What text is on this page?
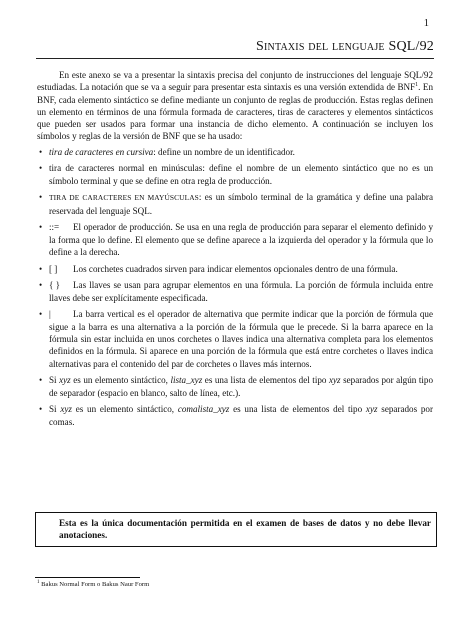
1
Sintaxis del lenguaje SQL/92

En este anexo se va a presentar la sintaxis precisa del conjunto de instrucciones del lenguaje SQL/92 estudiadas. La notación que se va a seguir para presentar esta sintaxis es una versión extendida de BNF$^1$. En BNF, cada elemento sintáctico se define mediante un conjunto de reglas de producción. Estas reglas definen un elemento en términos de una fórmula formada de caracteres, tiras de caracteres y elementos sintácticos que pueden ser usados para formar una instancia de dicho elemento. A continuación se incluyen los símbolos y reglas de la versión de BNF que se ha usado:

• tira de caracteres en cursiva: define un nombre de un identificador.
• tira de caracteres normal en minúsculas: define el nombre de un elemento sintáctico que no es un símbolo terminal y que se define en otra regla de producción.
• TIRA DE CARACTERES EN MAYÚSCULAS: es un símbolo terminal de la gramática y define una palabra reservada del lenguaje SQL.
• ::= El operador de producción. Se usa en una regla de producción para separar el elemento definido y la forma que lo define. El elemento que se define aparece a la izquierda del operador y la fórmula que lo define a la derecha.
• [ ] Los corchetes cuadrados sirven para indicar elementos opcionales dentro de una fórmula.
• { } Las llaves se usan para agrupar elementos en una fórmula. La porción de fórmula incluida entre llaves debe ser explícitamente especificada.
• | La barra vertical es el operador de alternativa que permite indicar que la porción de fórmula que sigue a la barra es una alternativa a la porción de la fórmula que le precede. Si la barra aparece en la fórmula sin estar incluida en unos corchetes o llaves indica una alternativa completa para los elementos definidos en la fórmula. Si aparece en una porción de la fórmula que está entre corchetes o llaves indica alternativas para el contenido del par de corchetes o llaves más internos.
• Si xyz es un elemento sintáctico, lista_xyz es una lista de elementos del tipo xyz separados por algún tipo de separador (espacio en blanco, salto de línea, etc.).
• Si xyz es un elemento sintáctico, comalista_xyz es una lista de elementos del tipo xyz separados por comas.
Esta es la única documentación permitida en el examen de bases de datos y no debe llevar anotaciones.
$^1$ Bakus Normal Form o Bakus Naur Form
